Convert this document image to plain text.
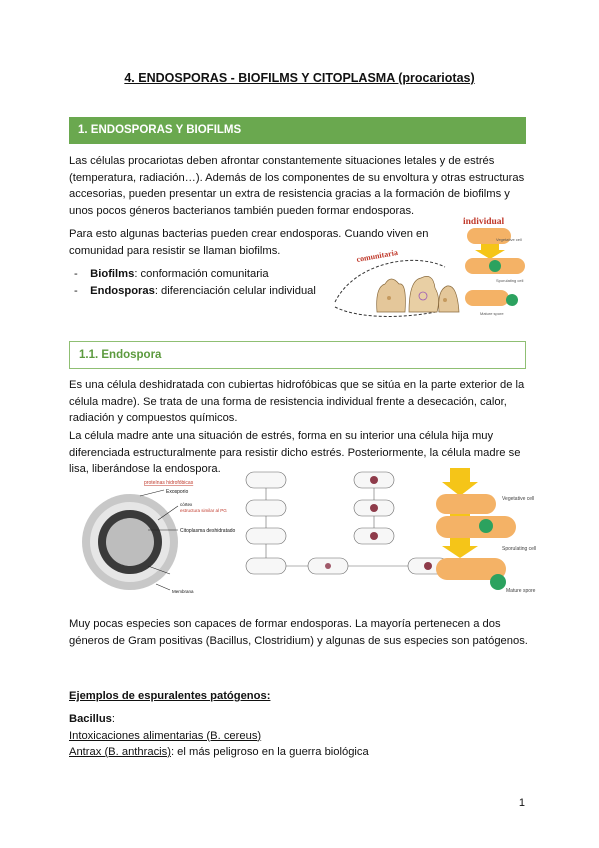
4. ENDOSPORAS - BIOFILMS Y CITOPLASMA (procariotas)
1. ENDOSPORAS Y BIOFILMS
Las células procariotas deben afrontar constantemente situaciones letales y de estrés
(temperatura, radiación…). Además de los componentes de su envoltura y otras estructuras
accesorias, pueden presentar un extra de resistencia gracias a la formación de biofilms y
unos pocos géneros bacterianos también pueden formar endosporas.
Para esto algunas bacterias pueden crear endosporas. Cuando viven en
comunidad para resistir se llaman biofilms.
-    Biofilms: conformación comunitaria
-    Endosporas: diferenciación celular individual
individual
comunitaria
Vegetative cell
Sporulating cell
Mature spore
1.1. Endospora
Es una célula deshidratada con cubiertas hidrofóbicas que se sitúa en la parte exterior de la
célula madre). Se trata de una forma de resistencia individual frente a desecación, calor,
radiación y compuestos químicos.
La célula madre ante una situación de estrés, forma en su interior una célula hija muy
diferenciada estructuralmente para resistir dicho estrés. Posteriormente, la célula madre se
lisa, liberándose la endospora.
proteínas hidrofóbicas
Exosporio
córtex
estructura similar al PG
Citoplasma deshidratado
Membrana
Vegetative cell
Sporulating cell
Mature spore
Muy pocas especies son capaces de formar endosporas. La mayoría pertenecen a dos
géneros de Gram positivas (Bacillus, Clostridium) y algunas de sus especies son patógenos.
Ejemplos de espuralentes patógenos:
Bacillus:
Intoxicaciones alimentarias (B. cereus)
Antrax (B. anthracis): el más peligroso en la guerra biológica
1
